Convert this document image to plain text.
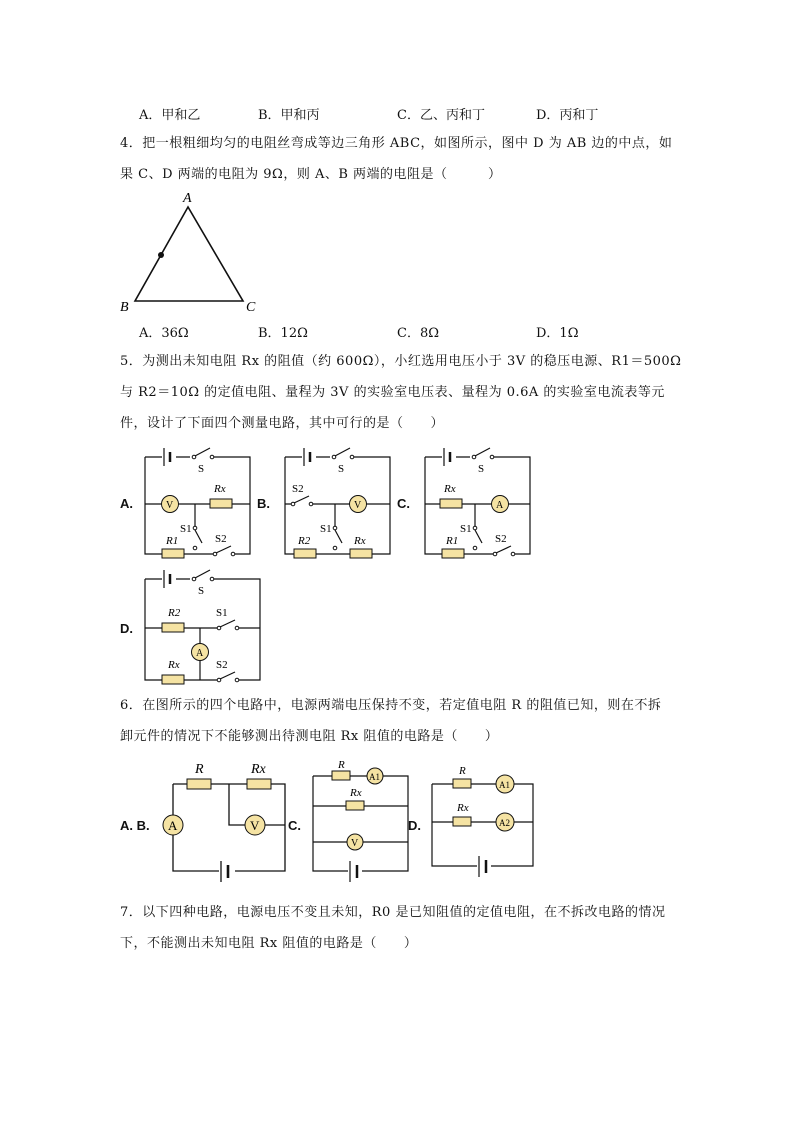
A．甲和乙	B．甲和丙	C．乙、丙和丁	D．丙和丁
4．把一根粗细均匀的电阻丝弯成等边三角形 ABC，如图所示，图中 D 为 AB 边的中点，如
果 C、D 两端的电阻为 9Ω，则 A、B 两端的电阻是（　　　）
A
B	C
A．36Ω	B．12Ω	C．8Ω	D．1Ω
5．为测出未知电阻 Rx 的阻值（约 600Ω），小红选用电压小于 3V 的稳压电源、R1＝500Ω
与 R2＝10Ω 的定值电阻、量程为 3V 的实验室电压表、量程为 0.6A 的实验室电流表等元
件，设计了下面四个测量电路，其中可行的是（　　）
A.	B.	C.
D.
S
V
Rx
S1
R1	S2
S
S2
V
S1
R2	Rx
S
Rx
A
S1
R1	S2
S
R2	S1
A
Rx	S2
6．在图所示的四个电路中，电源两端电压保持不变，若定值电阻 R 的阻值已知，则在不拆
卸元件的情况下不能够测出待测电阻 Rx 阻值的电路是（　　）
A. B.	C.	D.
A
R	Rx
V
R
A1
Rx
V
R
A1
Rx
A2
7．以下四种电路，电源电压不变且未知，R0 是已知阻值的定值电阻，在不拆改电路的情况
下，不能测出未知电阻 Rx 阻值的电路是（　　）
